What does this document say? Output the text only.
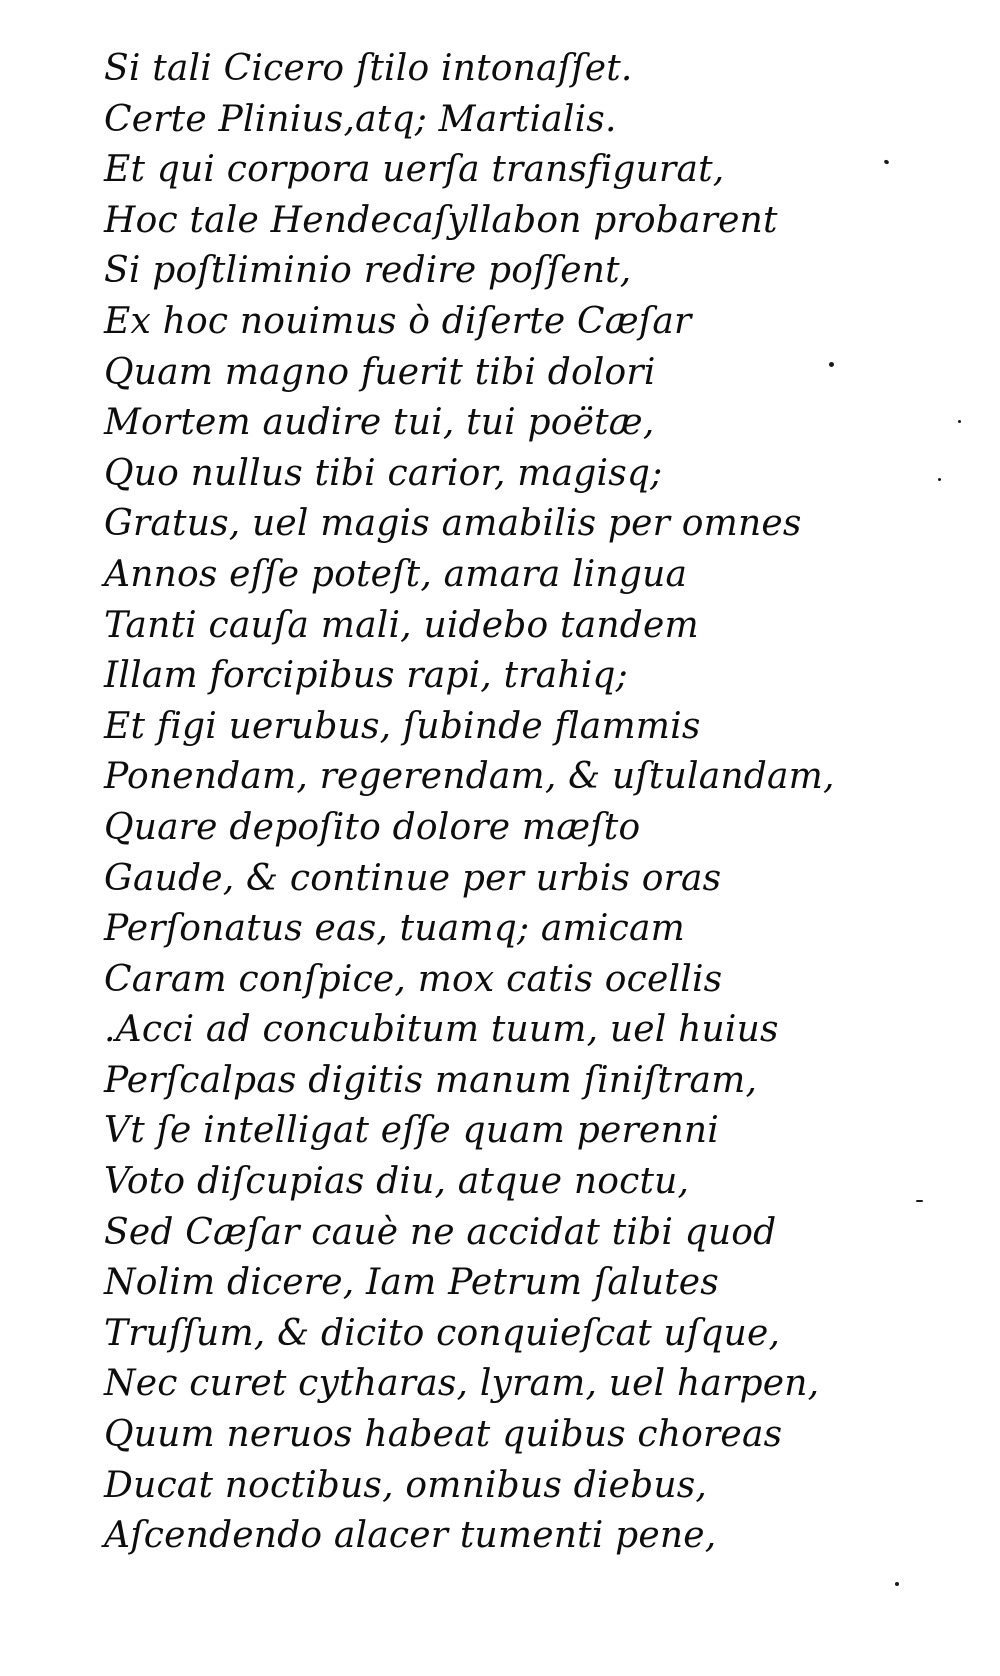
Si tali Cicero ſtilo intonaſſet.
Certe Plinius,atq; Martialis.
Et qui corpora uerſa transfigurat,
Hoc tale Hendecaſyllabon probarent
Si poſtliminio redire poſſent,
Ex hoc nouimus ò diſerte Cæſar
Quam magno fuerit tibi dolori
Mortem audire tui, tui poëtæ,
Quo nullus tibi carior, magisq;
Gratus, uel magis amabilis per omnes
Annos eſſe poteſt, amara lingua
Tanti cauſa mali, uidebo tandem
Illam forcipibus rapi, trahiq;
Et figi uerubus, ſubinde flammis
Ponendam, regerendam, & uſtulandam,
Quare depoſito dolore mæſto
Gaude, & continue per urbis oras
Perſonatus eas, tuamq; amicam
Caram conſpice, mox catis ocellis
.Acci ad concubitum tuum, uel huius
Perſcalpas digitis manum ſiniſtram,
Vt ſe intelligat eſſe quam perenni
Voto diſcupias diu, atque noctu,
Sed Cæſar cauè ne accidat tibi quod
Nolim dicere, Iam Petrum ſalutes
Truſſum, & dicito conquieſcat uſque,
Nec curet cytharas, lyram, uel harpen,
Quum neruos habeat quibus choreas
Ducat noctibus, omnibus diebus,
Aſcendendo alacer tumenti pene,
